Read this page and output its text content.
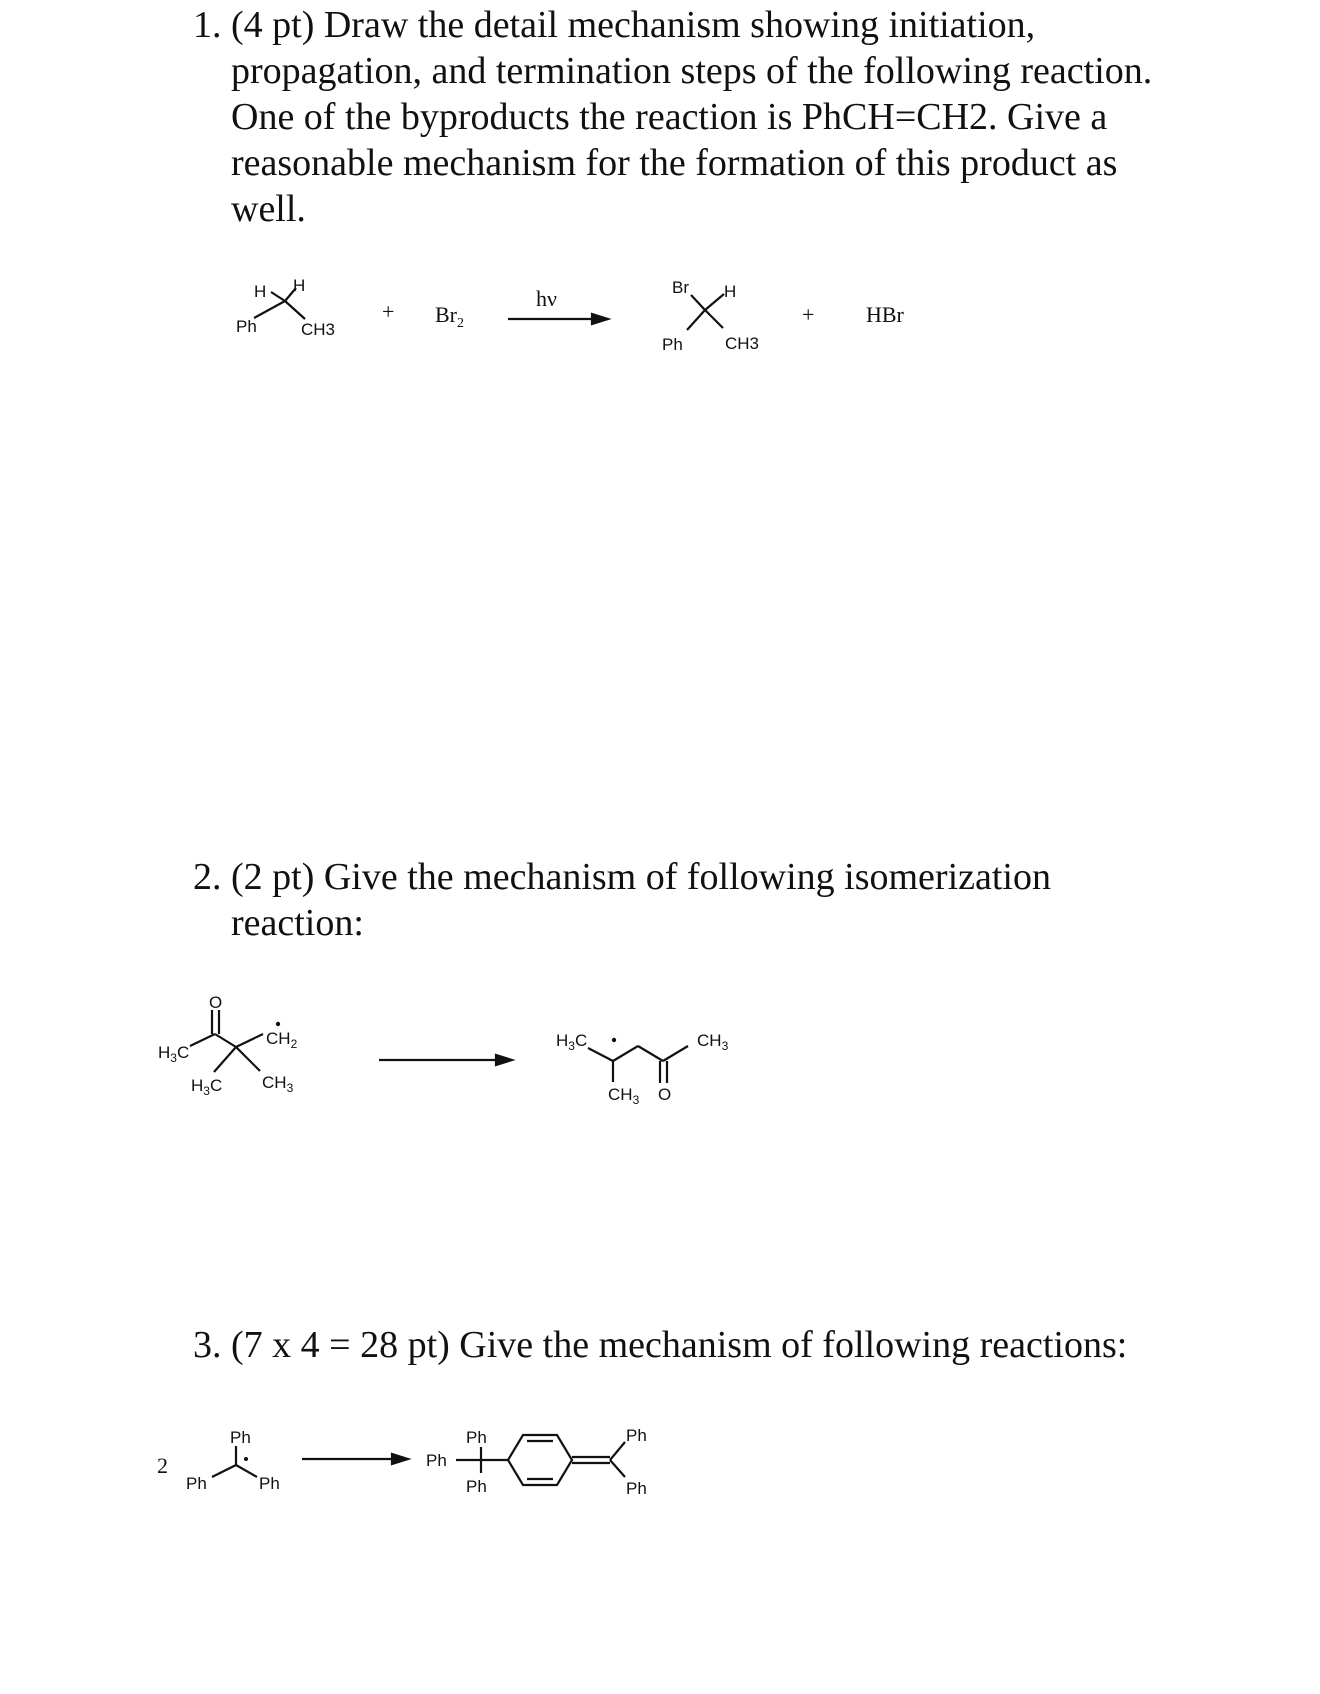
1. (4 pt) Draw the detail mechanism showing initiation, propagation, and termination steps of the following reaction. One of the byproducts the reaction is PhCH=CH2. Give a reasonable mechanism for the formation of this product as well.
H H
Ph	CH3
+ $Br_2$
hν	Br H
Ph CH3
+ HBr
2. (2 pt) Give the mechanism of following isomerization reaction:
O
$H_3C$
$CH_2$
$H_3C$ $CH_3$
$H_3C$	$CH_3$
$CH_3$ O
3. (7 x 4 = 28 pt) Give the mechanism of following reactions:
2
Ph
Ph	Ph
Ph
Ph
Ph
Ph
Ph
